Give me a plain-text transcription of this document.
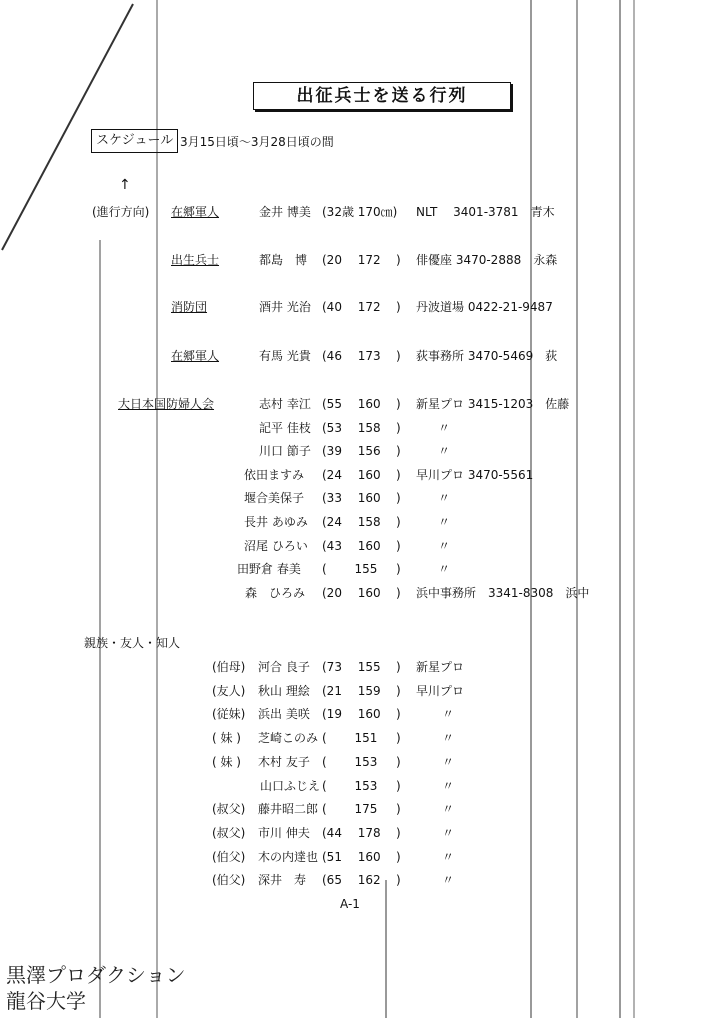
出征兵士を送る行列
スケジュール 3月15日頃〜3月28日頃の間
↑
(進行方向) 在郷軍人	金井 博美 (32歳 170㎝) NLT　 3401-3781　青木
出生兵士	都島　博 (20　 172 ) 俳優座 3470-2888　永森
消防団	酒井 光治 (40　 172 ) 丹波道場 0422-21-9487
在郷軍人	有馬 光貴 (46　 173 ) 荻事務所 3470-5469　荻
大日本国防婦人会	志村 幸江 (55　 160 ) 新星プロ 3415-1203　佐藤
記平 佳枝 (53　 158 )	〃
川口 節子 (39　 156 )	〃
依田ますみ (24　 160 ) 早川プロ 3470-5561
堰合美保子 (33　 160 )	〃
長井 あゆみ (24　 158 )	〃
沼尾 ひろい (43　 160 )	〃
田野倉 春美 (　　 155 )	〃
森　ひろみ (20　 160 ) 浜中事務所　3341-8308　浜中
親族・友人・知人
(伯母) 河合 良子 (73　 155 ) 新星プロ
(友人) 秋山 理絵 (21　 159 ) 早川プロ
(従妹) 浜出 美咲 (19　 160 )	〃
( 妹 ) 芝崎このみ (　　 151 )	〃
( 妹 ) 木村 友子 (　　 153 )	〃
山口ふじえ (　　 153 )	〃
(叔父) 藤井昭二郎 (　　 175 )	〃
(叔父) 市川 伸夫 (44　 178 )	〃
(伯父) 木の内達也 (51　 160 )	〃
(伯父) 深井　寿 (65　 162 )	〃
A-1
黒澤プロダクション
龍谷大学
